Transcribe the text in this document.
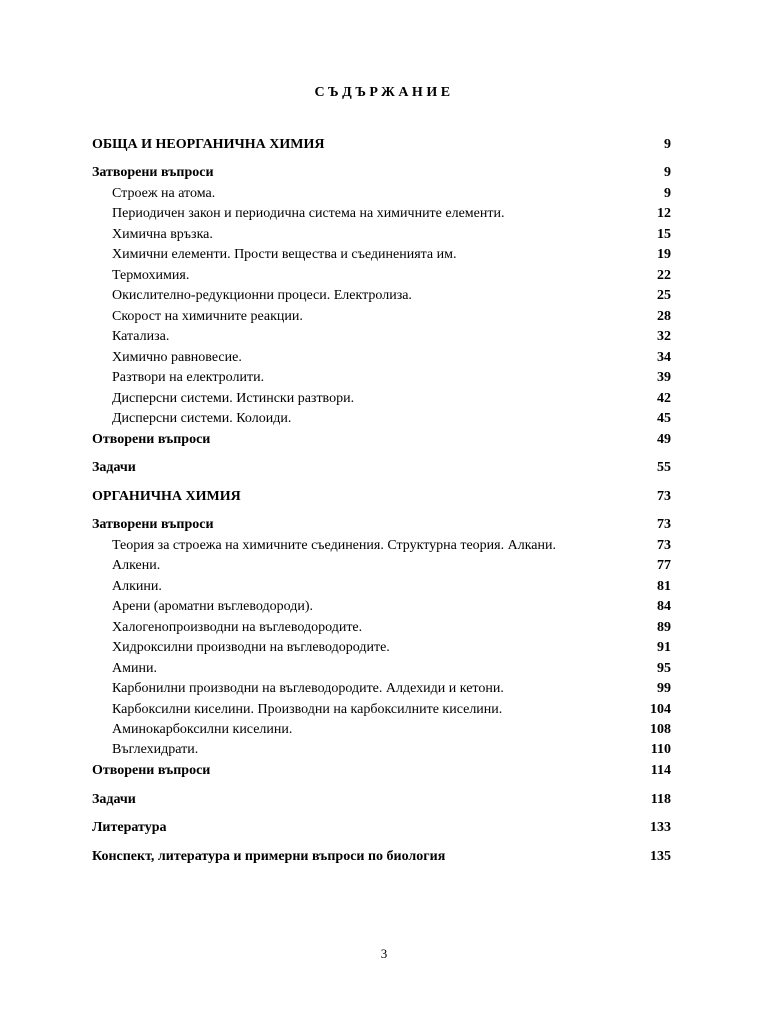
СЪДЪРЖАНИЕ
ОБЩА И НЕОРГАНИЧНА ХИМИЯ	9
Затворени въпроси	9
Строеж на атома.	9
Периодичен закон и периодична система на химичните елементи.	12
Химична връзка.	15
Химични елементи. Прости вещества и съединенията им.	19
Термохимия.	22
Окислително-редукционни процеси. Електролиза.	25
Скорост на химичните реакции.	28
Катализа.	32
Химично равновесие.	34
Разтвори на електролити.	39
Дисперсни системи. Истински разтвори.	42
Дисперсни системи. Колоиди.	45
Отворени въпроси	49
Задачи	55
ОРГАНИЧНА ХИМИЯ	73
Затворени въпроси	73
Теория за строежа на химичните съединения. Структурна теория. Алкани.	73
Алкени.	77
Алкини.	81
Арени (ароматни въглеводороди).	84
Халогенопроизводни на въглеводородите.	89
Хидроксилни производни на въглеводородите.	91
Амини.	95
Карбонилни производни на въглеводородите. Алдехиди и кетони.	99
Карбоксилни киселини. Производни на карбоксилните киселини.	104
Аминокарбоксилни киселини.	108
Въглехидрати.	110
Отворени въпроси	114
Задачи	118
Литература	133
Конспект, литература и примерни въпроси по биология	135
3
